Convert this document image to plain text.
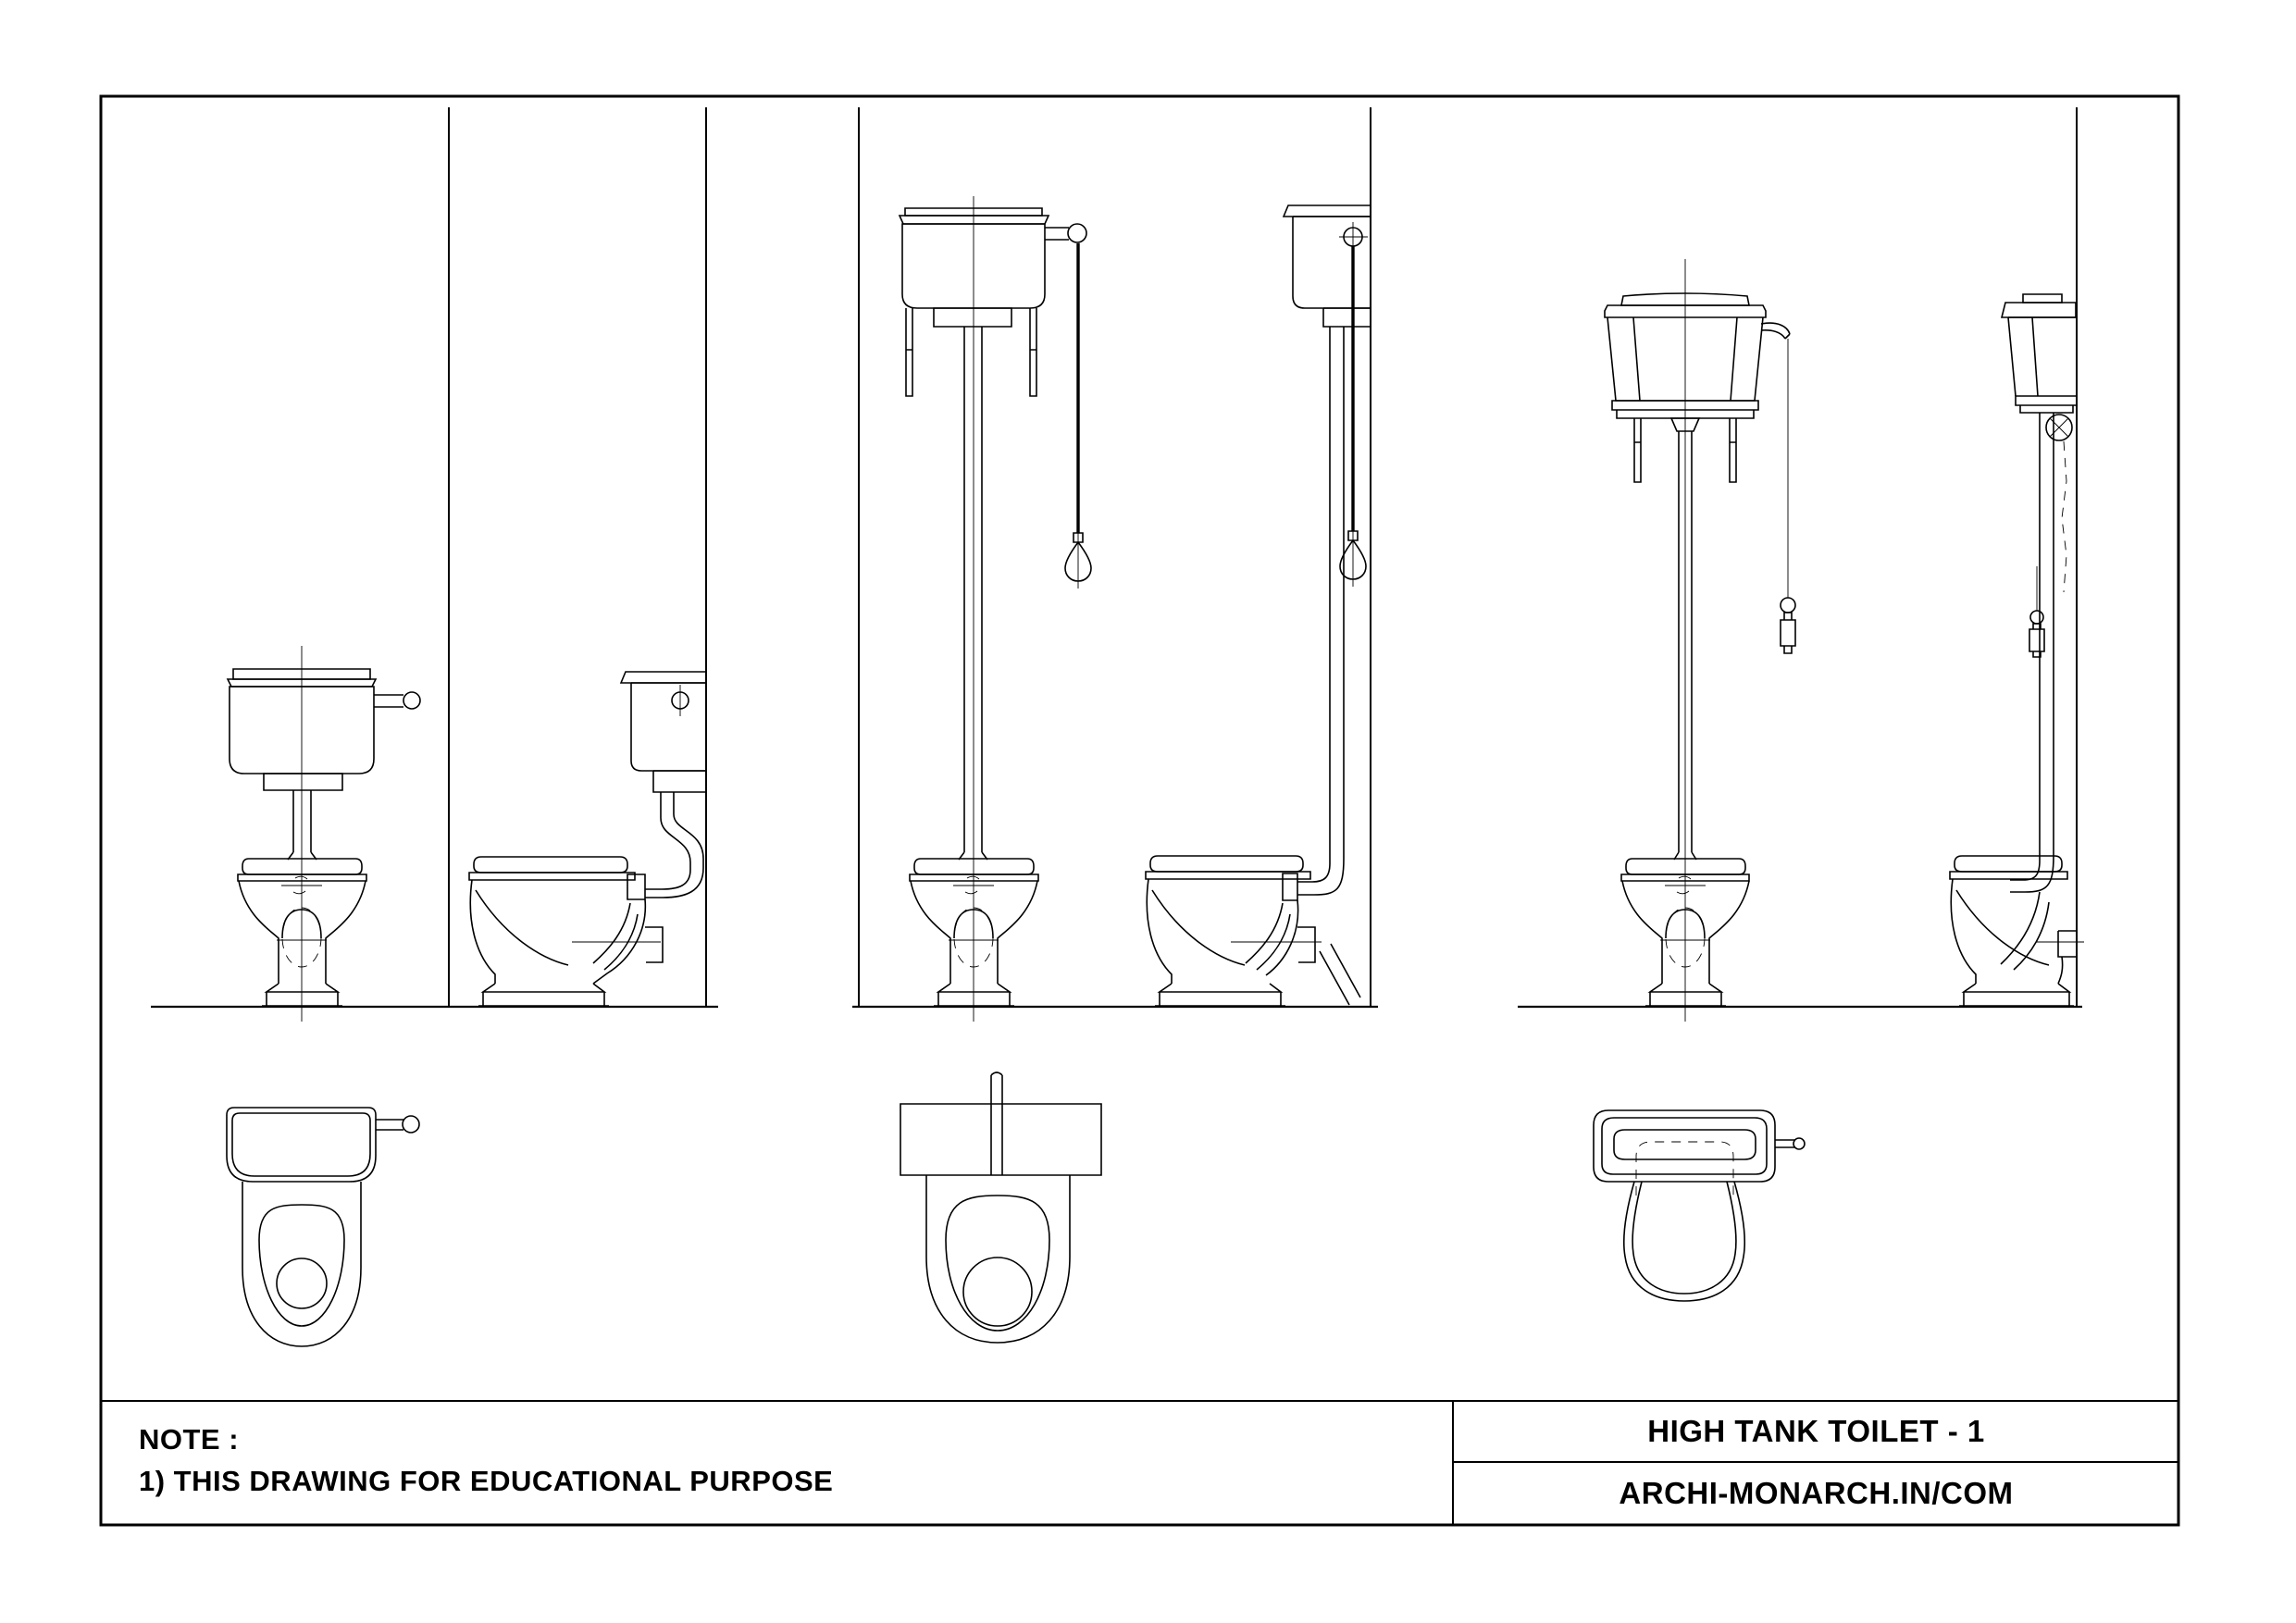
NOTE :
1) THIS DRAWING FOR EDUCATIONAL PURPOSE
HIGH TANK TOILET - 1
ARCHI-MONARCH.IN/COM
